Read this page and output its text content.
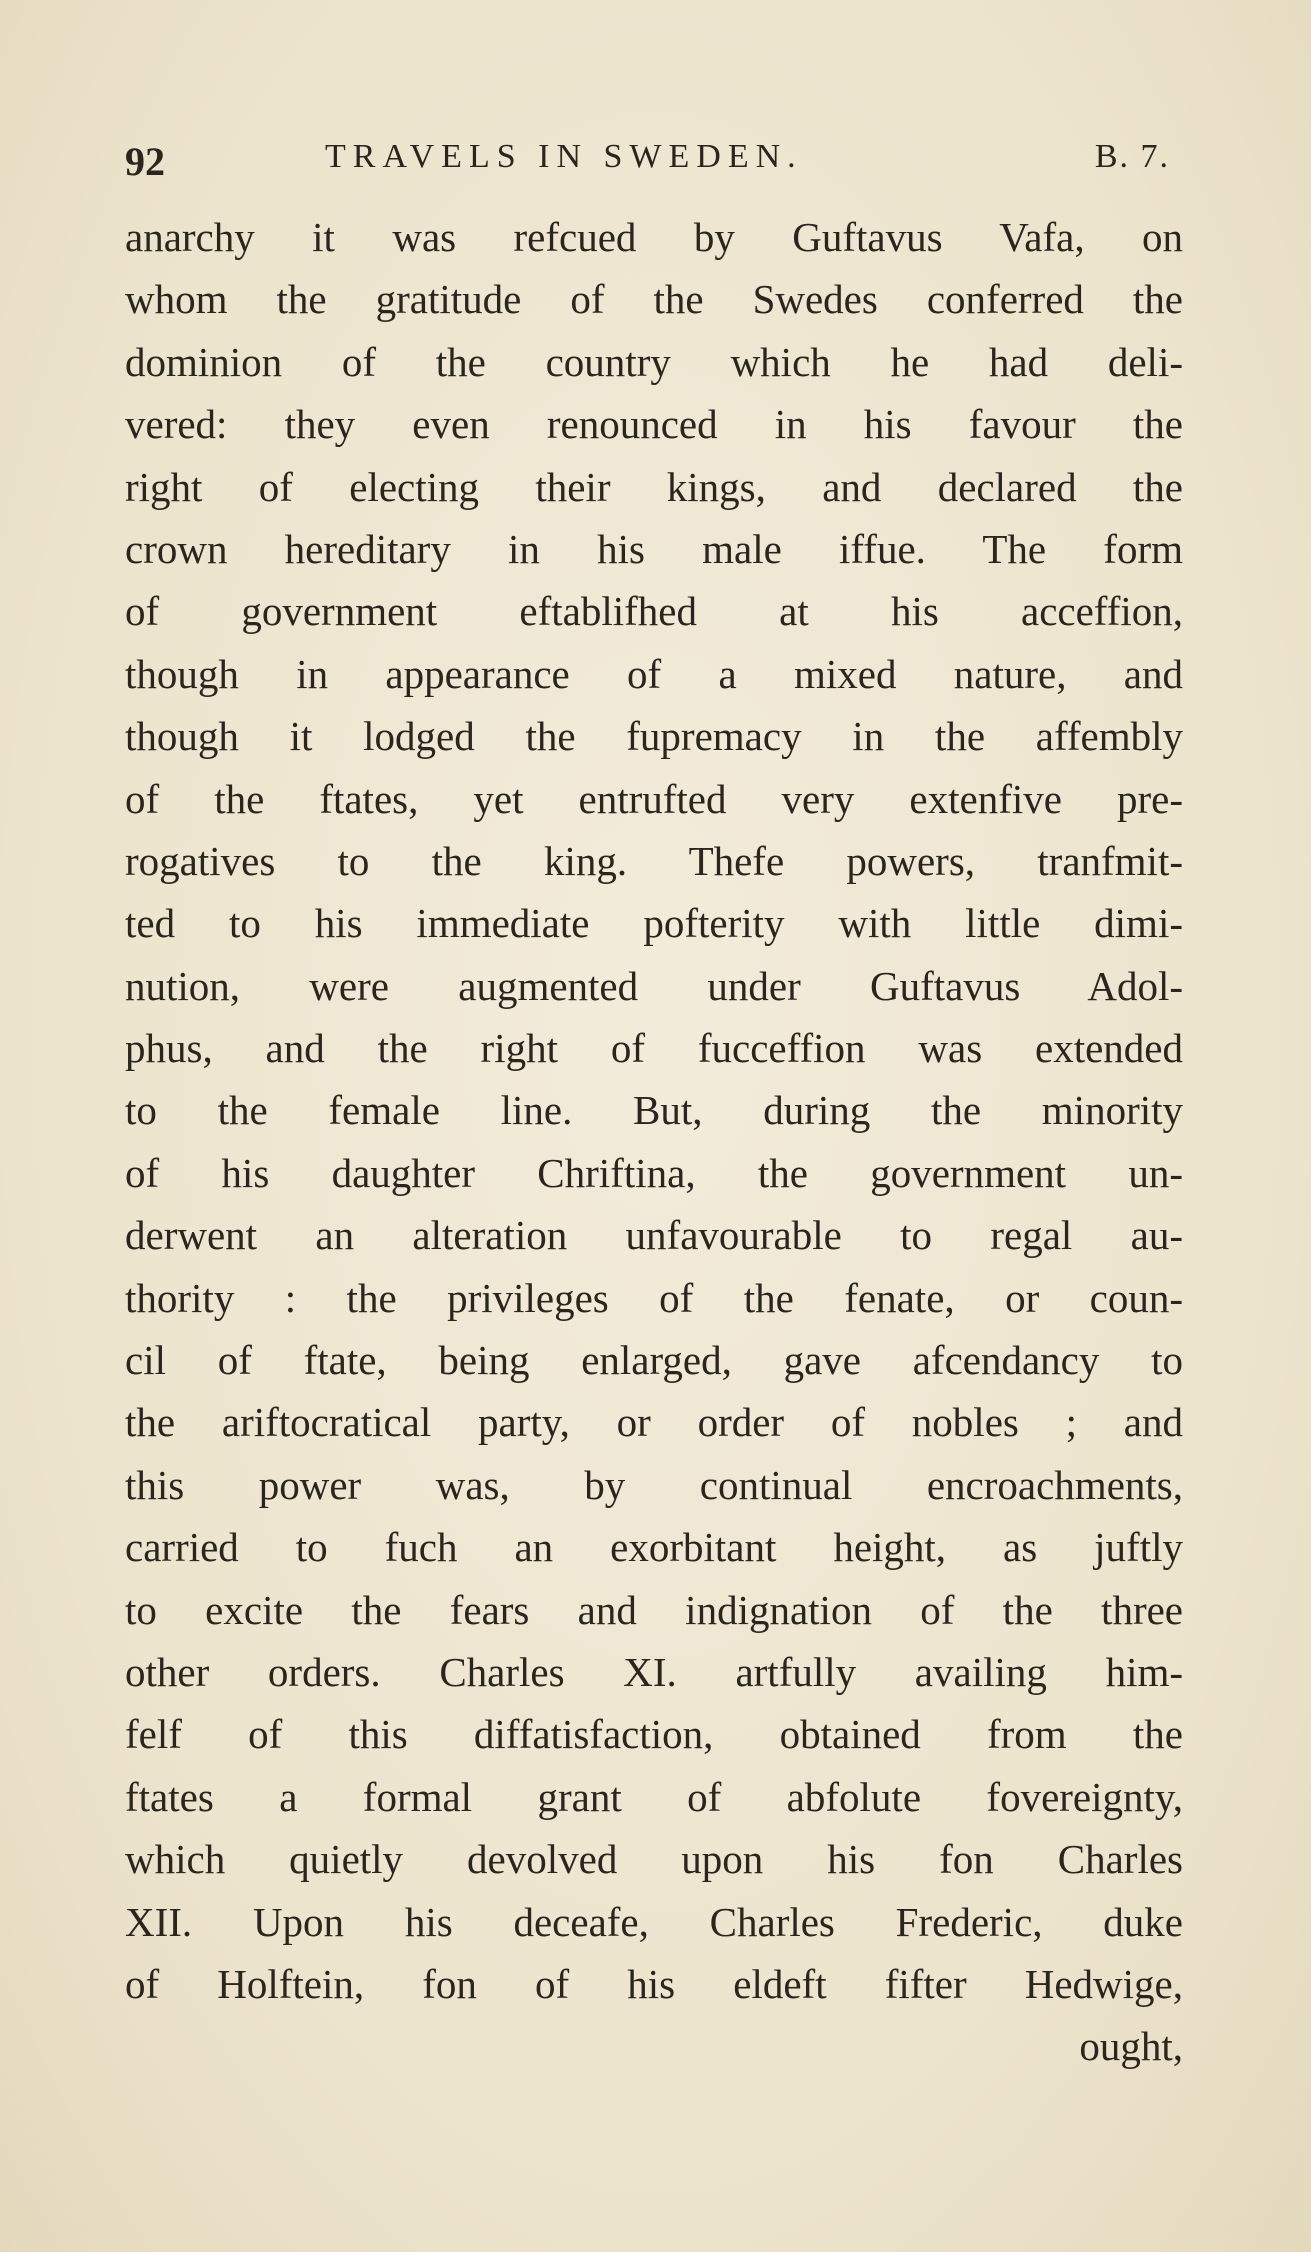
92	TRAVELS IN SWEDEN.	B. 7.
anarchy it was refcued by Guftavus Vafa, on
whom the gratitude of the Swedes conferred the
dominion of the country which he had deli-
vered: they even renounced in his favour the
right of electing their kings, and declared the
crown hereditary in his male iffue. The form
of government eftablifhed at his acceffion,
though in appearance of a mixed nature, and
though it lodged the fupremacy in the affembly
of the ftates, yet entrufted very extenfive pre-
rogatives to the king. Thefe powers, tranfmit-
ted to his immediate pofterity with little dimi-
nution, were augmented under Guftavus Adol-
phus, and the right of fucceffion was extended
to the female line. But, during the minority
of his daughter Chriftina, the government un-
derwent an alteration unfavourable to regal au-
thority : the privileges of the fenate, or coun-
cil of ftate, being enlarged, gave afcendancy to
the ariftocratical party, or order of nobles ; and
this power was, by continual encroachments,
carried to fuch an exorbitant height, as juftly
to excite the fears and indignation of the three
other orders. Charles XI. artfully availing him-
felf of this diffatisfaction, obtained from the
ftates a formal grant of abfolute fovereignty,
which quietly devolved upon his fon Charles
XII. Upon his deceafe, Charles Frederic, duke
of Holftein, fon of his eldeft fifter Hedwige,
ought,
